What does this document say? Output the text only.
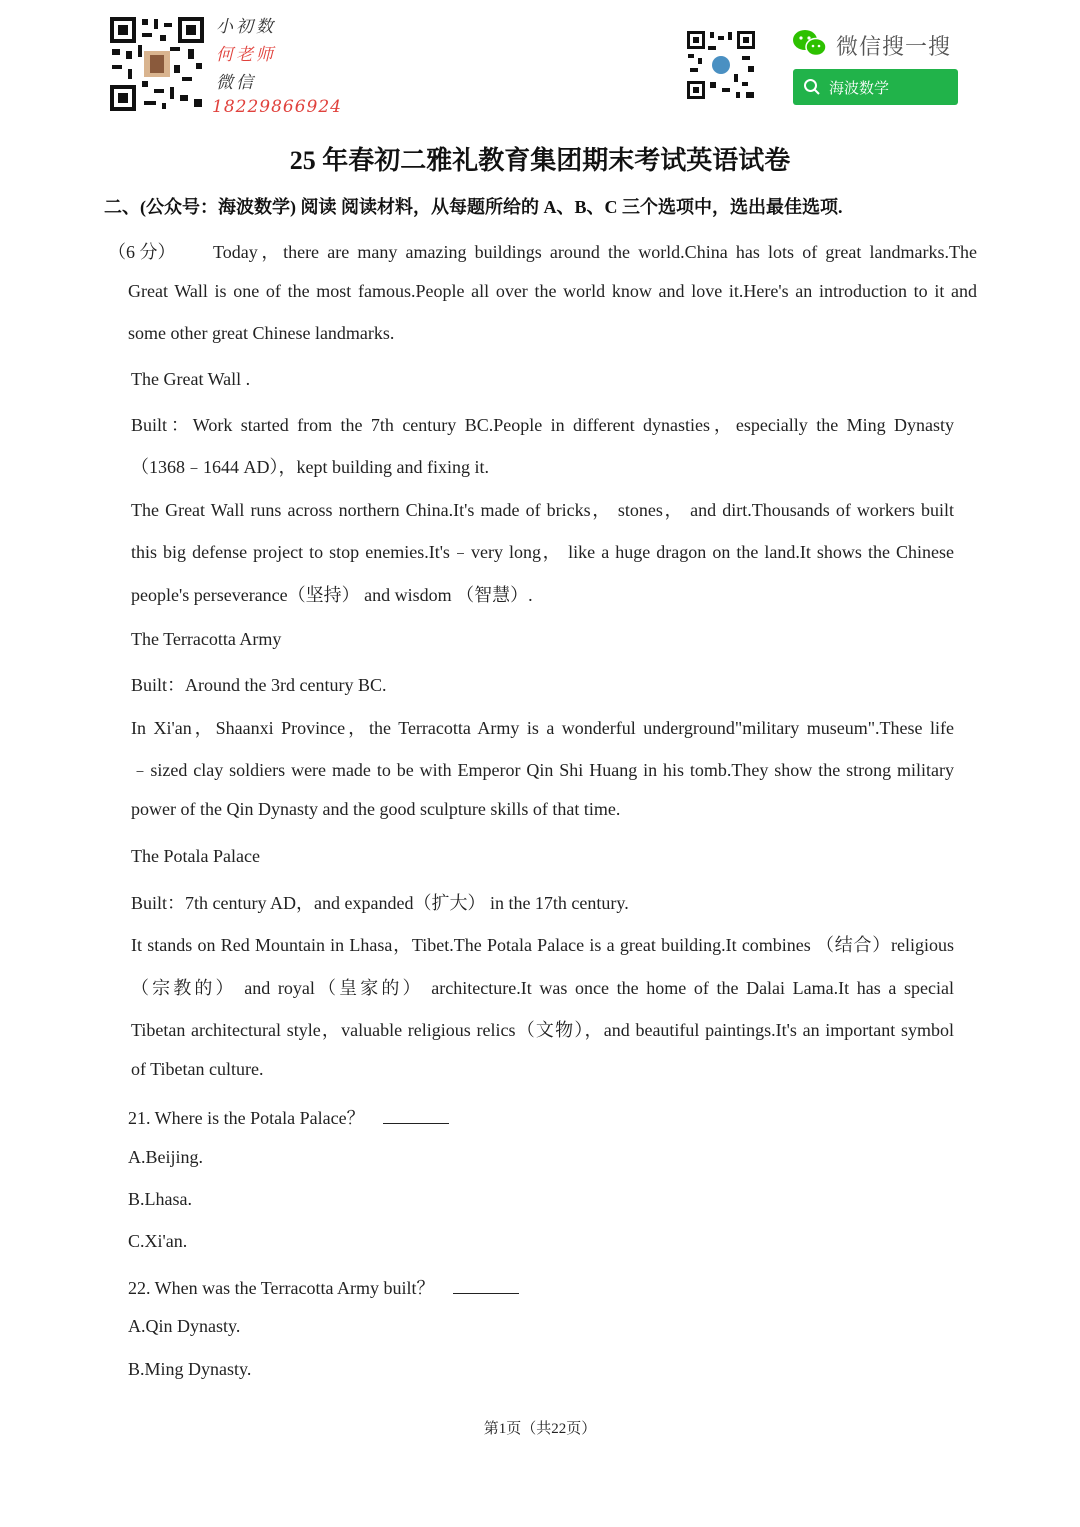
小初数
何老师
微信
18229866924
微信搜一搜
海波数学
25 年春初二雅礼教育集团期末考试英语试卷
二、(公众号：海波数学) 阅读 阅读材料，从每题所给的 A、B、C 三个选项中，选出最佳选项.
（6 分） Today，there are many amazing buildings around the world.China has lots of great landmarks.The
Great Wall is one of the most famous.People all over the world know and love it.Here's an introduction to it and
some other great Chinese landmarks.
The Great Wall .
Built：Work started from the 7th century BC.People in different dynasties，especially the Ming Dynasty
（1368﹣1644 AD），kept building and fixing it.
The Great Wall runs across northern China.It's made of bricks， stones， and dirt.Thousands of workers built
this big defense project to stop enemies.It's﹣very long， like a huge dragon on the land.It shows the Chinese
people's perseverance（坚持） and wisdom （智慧）.
The Terracotta Army
Built：Around the 3rd century BC.
In Xi'an，Shaanxi Province，the Terracotta Army is a wonderful underground"military museum".These life
﹣sized clay soldiers were made to be with Emperor Qin Shi Huang in his tomb.They show the strong military
power of the Qin Dynasty and the good sculpture skills of that time.
The Potala Palace
Built：7th century AD，and expanded（扩大） in the 17th century.
It stands on Red Mountain in Lhasa，Tibet.The Potala Palace is a great building.It combines （结合）religious
（宗教的） and royal（皇家的） architecture.It was once the home of the Dalai Lama.It has a special
Tibetan architectural style，valuable religious relics（文物），and beautiful paintings.It's an important symbol
of Tibetan culture.
21. Where is the Potala Palace？
A.Beijing.
B.Lhasa.
C.Xi'an.
22. When was the Terracotta Army built？
A.Qin Dynasty.
B.Ming Dynasty.
第1页（共22页）
